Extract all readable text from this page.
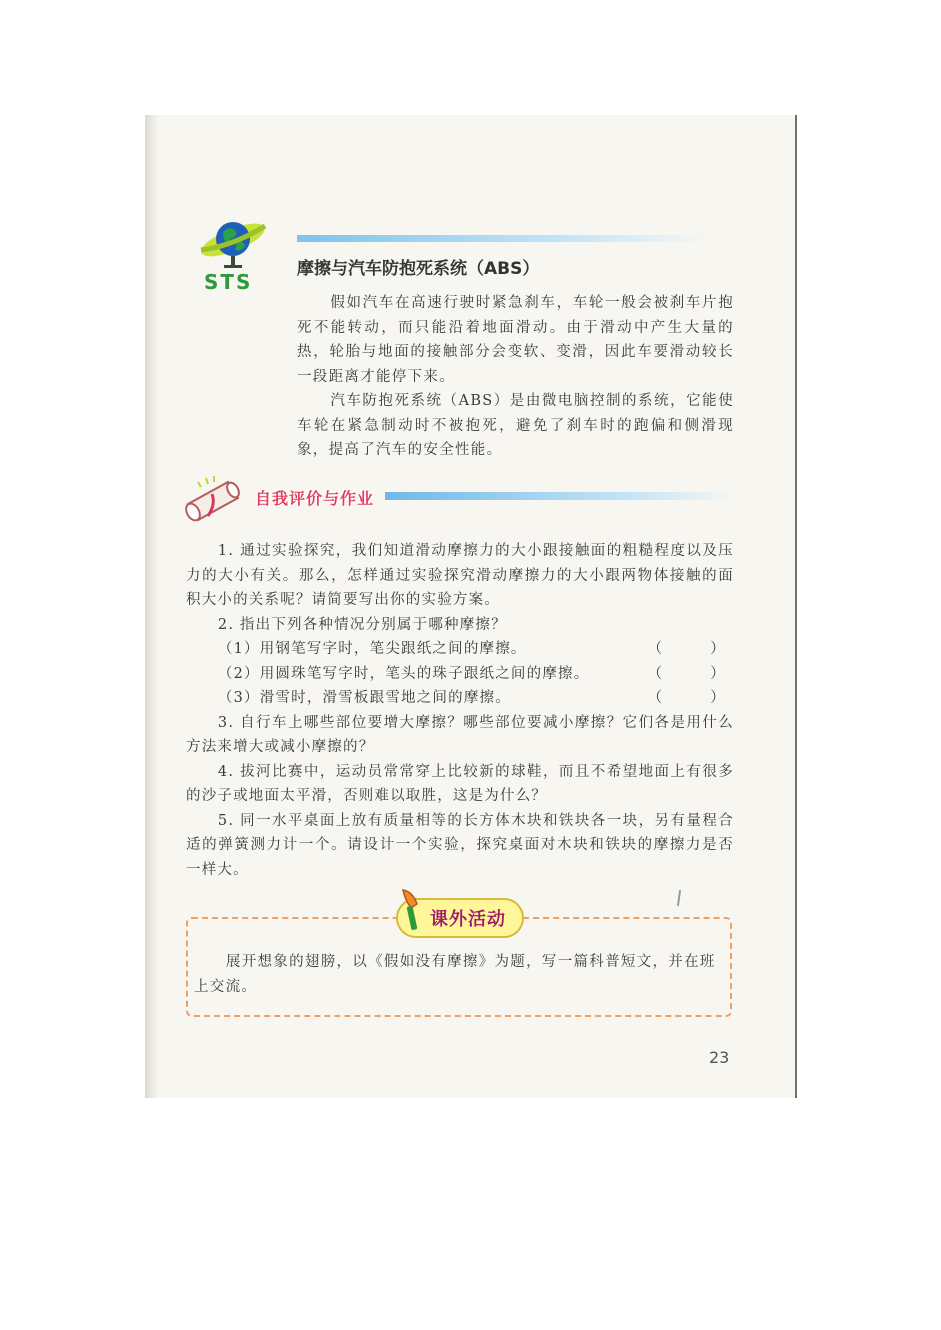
STS
摩擦与汽车防抱死系统（ABS）

假如汽车在高速行驶时紧急刹车，车轮一般会被刹车片抱死不能转动，而只能沿着地面滑动。由于滑动中产生大量的热，轮胎与地面的接触部分会变软、变滑，因此车要滑动较长一段距离才能停下来。

汽车防抱死系统（ABS）是由微电脑控制的系统，它能使车轮在紧急制动时不被抱死，避免了刹车时的跑偏和侧滑现象，提高了汽车的安全性能。

自我评价与作业

1. 通过实验探究，我们知道滑动摩擦力的大小跟接触面的粗糙程度以及压力的大小有关。那么，怎样通过实验探究滑动摩擦力的大小跟两物体接触的面积大小的关系呢？请简要写出你的实验方案。

2. 指出下列各种情况分别属于哪种摩擦？

（1）用钢笔写字时，笔尖跟纸之间的摩擦。	（　　　）

（2）用圆珠笔写字时，笔头的珠子跟纸之间的摩擦。	（　　　）

（3）滑雪时，滑雪板跟雪地之间的摩擦。	（　　　）

3. 自行车上哪些部位要增大摩擦？哪些部位要减小摩擦？它们各是用什么方法来增大或减小摩擦的？

4. 拔河比赛中，运动员常常穿上比较新的球鞋，而且不希望地面上有很多的沙子或地面太平滑，否则难以取胜，这是为什么？

5. 同一水平桌面上放有质量相等的长方体木块和铁块各一块，另有量程合适的弹簧测力计一个。请设计一个实验，探究桌面对木块和铁块的摩擦力是否一样大。

课外活动

展开想象的翅膀，以《假如没有摩擦》为题，写一篇科普短文，并在班上交流。

23
